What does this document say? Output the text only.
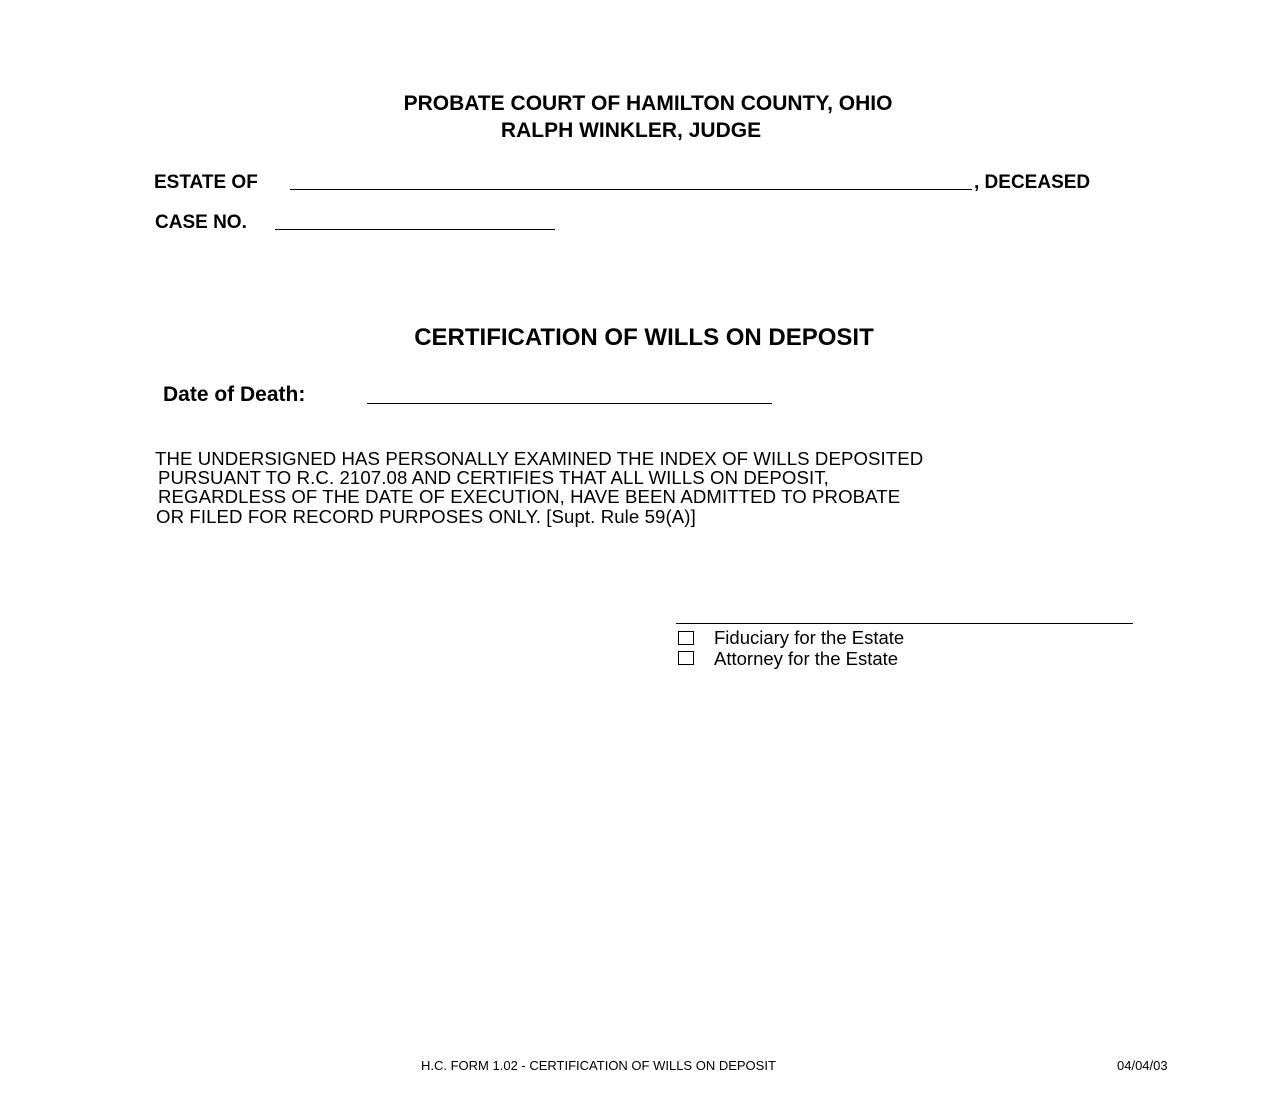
PROBATE COURT OF HAMILTON COUNTY, OHIO
RALPH WINKLER, JUDGE
ESTATE OF	, DECEASED
CASE NO.
CERTIFICATION OF WILLS ON DEPOSIT
Date of Death:
THE UNDERSIGNED HAS PERSONALLY EXAMINED THE INDEX OF WILLS DEPOSITED
PURSUANT TO R.C. 2107.08 AND CERTIFIES THAT ALL WILLS ON DEPOSIT,
REGARDLESS OF THE DATE OF EXECUTION, HAVE BEEN ADMITTED TO PROBATE
OR FILED FOR RECORD PURPOSES ONLY. [Supt. Rule 59(A)]
Fiduciary for the Estate
Attorney for the Estate
H.C. FORM 1.02 - CERTIFICATION OF WILLS ON DEPOSIT	04/04/03
